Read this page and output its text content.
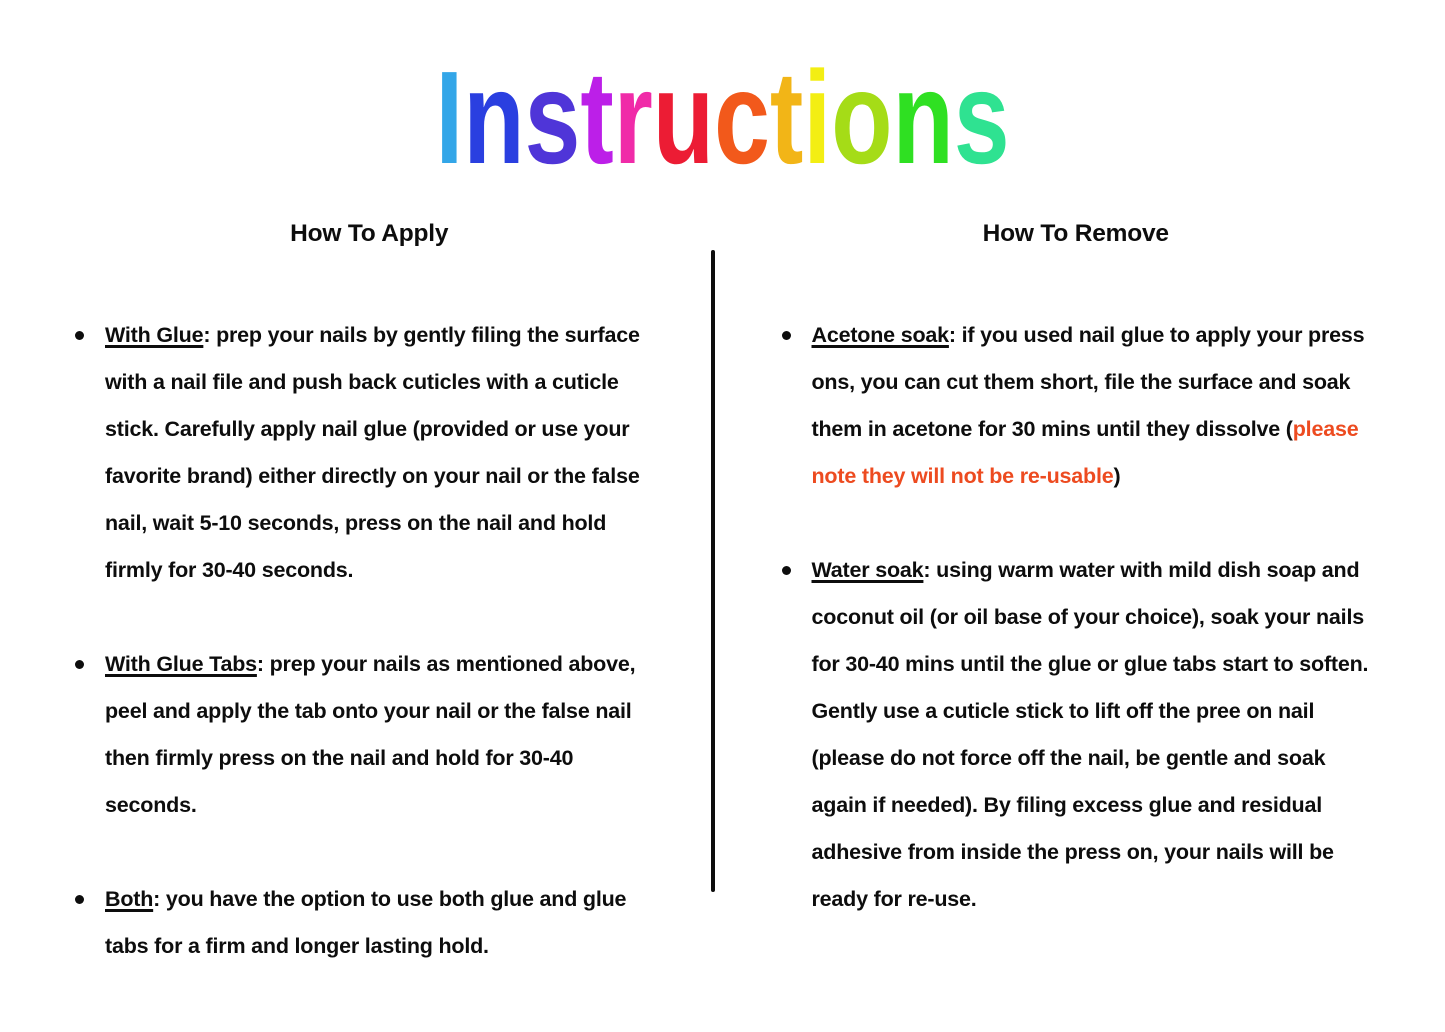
I n s t r u c t i o n s
How To Apply
With Glue: prep your nails by gently filing the surface with a nail file and push back cuticles with a cuticle stick. Carefully apply nail glue (provided or use your favorite brand) either directly on your nail or the false nail, wait 5-10 seconds, press on the nail and hold firmly for 30-40 seconds.
With Glue Tabs: prep your nails as mentioned above, peel and apply the tab onto your nail or the false nail then firmly press on the nail and hold for 30-40 seconds.
Both: you have the option to use both glue and glue tabs for a firm and longer lasting hold.
How To Remove
Acetone soak: if you used nail glue to apply your press ons, you can cut them short, file the surface and soak them in acetone for 30 mins until they dissolve (please note they will not be re-usable)
Water soak: using warm water with mild dish soap and coconut oil (or oil base of your choice), soak your nails for 30-40 mins until the glue or glue tabs start to soften. Gently use a cuticle stick to lift off the pree on nail (please do not force off the nail, be gentle and soak again if needed). By filing excess glue and residual adhesive from inside the press on, your nails will be ready for re-use.
